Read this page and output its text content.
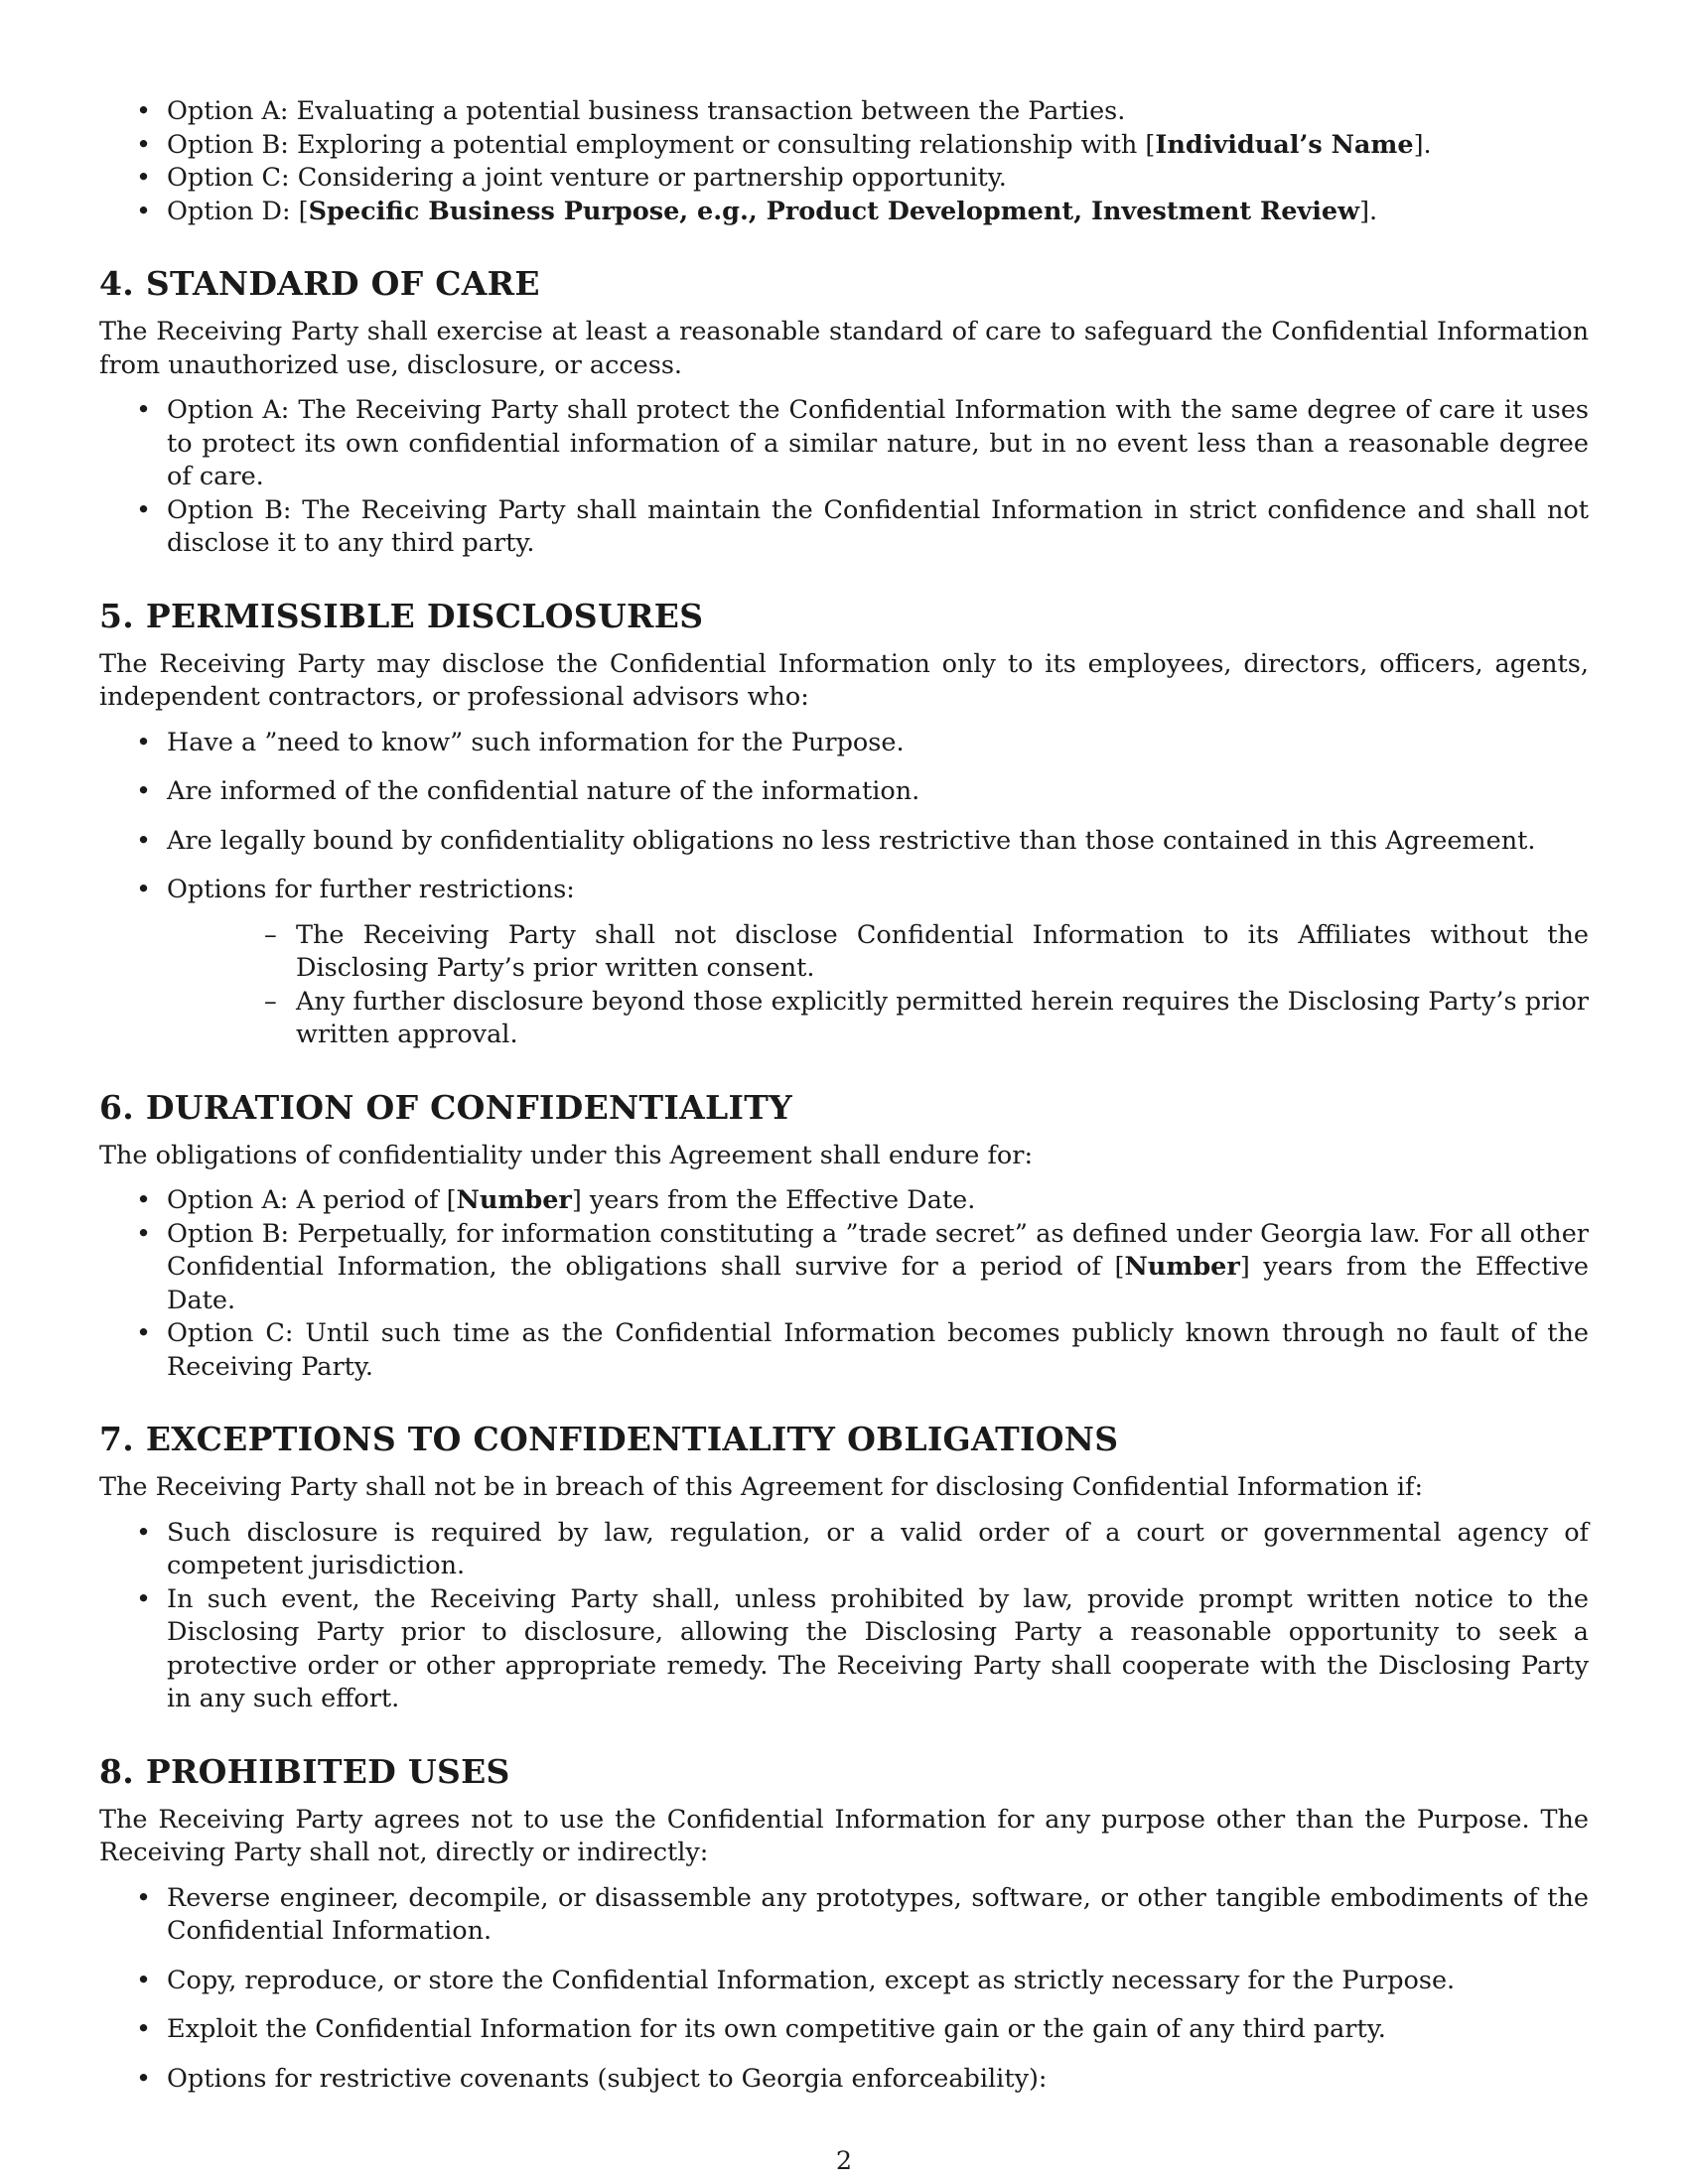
• Option A: Evaluating a potential business transaction between the Parties.
• Option B: Exploring a potential employment or consulting relationship with [Individual’s Name].
• Option C: Considering a joint venture or partnership opportunity.
• Option D: [Specific Business Purpose, e.g., Product Development, Investment Review].
4. STANDARD OF CARE

The Receiving Party shall exercise at least a reasonable standard of care to safeguard the Confidential Information from unauthorized use, disclosure, or access.

• Option A: The Receiving Party shall protect the Confidential Information with the same degree of care it uses to protect its own confidential information of a similar nature, but in no event less than a reasonable degree of care.
• Option B: The Receiving Party shall maintain the Confidential Information in strict confidence and shall not disclose it to any third party.
5. PERMISSIBLE DISCLOSURES

The Receiving Party may disclose the Confidential Information only to its employees, directors, officers, agents, independent contractors, or professional advisors who:

• Have a ”need to know” such information for the Purpose.
• Are informed of the confidential nature of the information.
• Are legally bound by confidentiality obligations no less restrictive than those contained in this Agreement.
• Options for further restrictions:
– The Receiving Party shall not disclose Confidential Information to its Affiliates without the Disclosing Party’s prior written consent.
– Any further disclosure beyond those explicitly permitted herein requires the Disclosing Party’s prior written approval.
6. DURATION OF CONFIDENTIALITY

The obligations of confidentiality under this Agreement shall endure for:

• Option A: A period of [Number] years from the Effective Date.
• Option B: Perpetually, for information constituting a ”trade secret” as defined under Georgia law. For all other Confidential Information, the obligations shall survive for a period of [Number] years from the Effective Date.
• Option C: Until such time as the Confidential Information becomes publicly known through no fault of the Receiving Party.
7. EXCEPTIONS TO CONFIDENTIALITY OBLIGATIONS

The Receiving Party shall not be in breach of this Agreement for disclosing Confidential Information if:

• Such disclosure is required by law, regulation, or a valid order of a court or governmental agency of competent jurisdiction.
• In such event, the Receiving Party shall, unless prohibited by law, provide prompt written notice to the Disclosing Party prior to disclosure, allowing the Disclosing Party a reasonable opportunity to seek a protective order or other appropriate remedy. The Receiving Party shall cooperate with the Disclosing Party in any such effort.
8. PROHIBITED USES

The Receiving Party agrees not to use the Confidential Information for any purpose other than the Purpose. The Receiving Party shall not, directly or indirectly:

• Reverse engineer, decompile, or disassemble any prototypes, software, or other tangible embodiments of the Confidential Information.
• Copy, reproduce, or store the Confidential Information, except as strictly necessary for the Purpose.
• Exploit the Confidential Information for its own competitive gain or the gain of any third party.
• Options for restrictive covenants (subject to Georgia enforceability):
2
